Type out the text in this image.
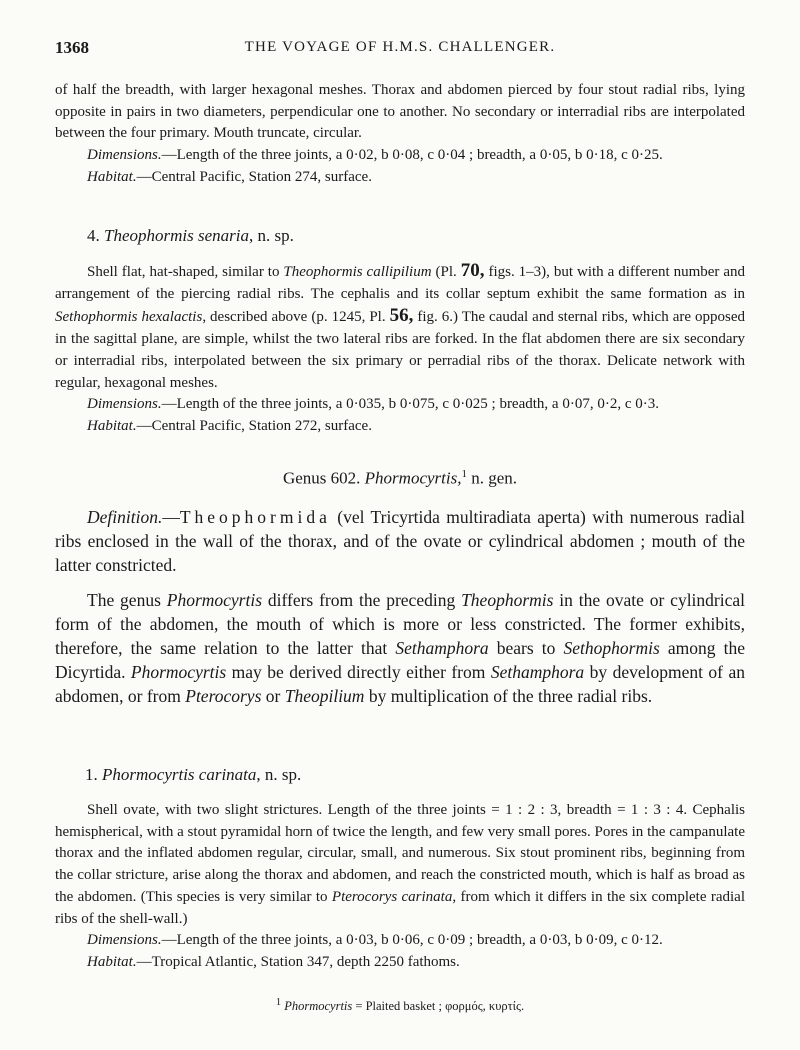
1368	THE VOYAGE OF H.M.S. CHALLENGER.

of half the breadth, with larger hexagonal meshes. Thorax and abdomen pierced by four stout radial ribs, lying opposite in pairs in two diameters, perpendicular one to another. No secondary or interradial ribs are interpolated between the four primary. Mouth truncate, circular.

Dimensions.—Length of the three joints, a 0·02, b 0·08, c 0·04 ; breadth, a 0·05, b 0·18, c 0·25.

Habitat.—Central Pacific, Station 274, surface.

4. Theophormis senaria, n. sp.

Shell flat, hat-shaped, similar to Theophormis callipilium (Pl. 70, figs. 1–3), but with a different number and arrangement of the piercing radial ribs. The cephalis and its collar septum exhibit the same formation as in Sethophormis hexalactis, described above (p. 1245, Pl. 56, fig. 6.) The caudal and sternal ribs, which are opposed in the sagittal plane, are simple, whilst the two lateral ribs are forked. In the flat abdomen there are six secondary or interradial ribs, interpolated between the six primary or perradial ribs of the thorax. Delicate network with regular, hexagonal meshes.

Dimensions.—Length of the three joints, a 0·035, b 0·075, c 0·025 ; breadth, a 0·07, 0·2, c 0·3.

Habitat.—Central Pacific, Station 272, surface.

Genus 602. Phormocyrtis,$^1$ n. gen.

Definition.—Theophormida (vel Tricyrtida multiradiata aperta) with numerous radial ribs enclosed in the wall of the thorax, and of the ovate or cylindrical abdomen ; mouth of the latter constricted.

The genus Phormocyrtis differs from the preceding Theophormis in the ovate or cylindrical form of the abdomen, the mouth of which is more or less constricted. The former exhibits, therefore, the same relation to the latter that Sethamphora bears to Sethophormis among the Dicyrtida. Phormocyrtis may be derived directly either from Sethamphora by development of an abdomen, or from Pterocorys or Theopilium by multiplication of the three radial ribs.

1. Phormocyrtis carinata, n. sp.

Shell ovate, with two slight strictures. Length of the three joints = 1 : 2 : 3, breadth = 1 : 3 : 4. Cephalis hemispherical, with a stout pyramidal horn of twice the length, and few very small pores. Pores in the campanulate thorax and the inflated abdomen regular, circular, small, and numerous. Six stout prominent ribs, beginning from the collar stricture, arise along the thorax and abdomen, and reach the constricted mouth, which is half as broad as the abdomen. (This species is very similar to Pterocorys carinata, from which it differs in the six complete radial ribs of the shell-wall.)

Dimensions.—Length of the three joints, a 0·03, b 0·06, c 0·09 ; breadth, a 0·03, b 0·09, c 0·12.

Habitat.—Tropical Atlantic, Station 347, depth 2250 fathoms.

$^1$ Phormocyrtis = Plaited basket ; φορμός, κυρτίς.
